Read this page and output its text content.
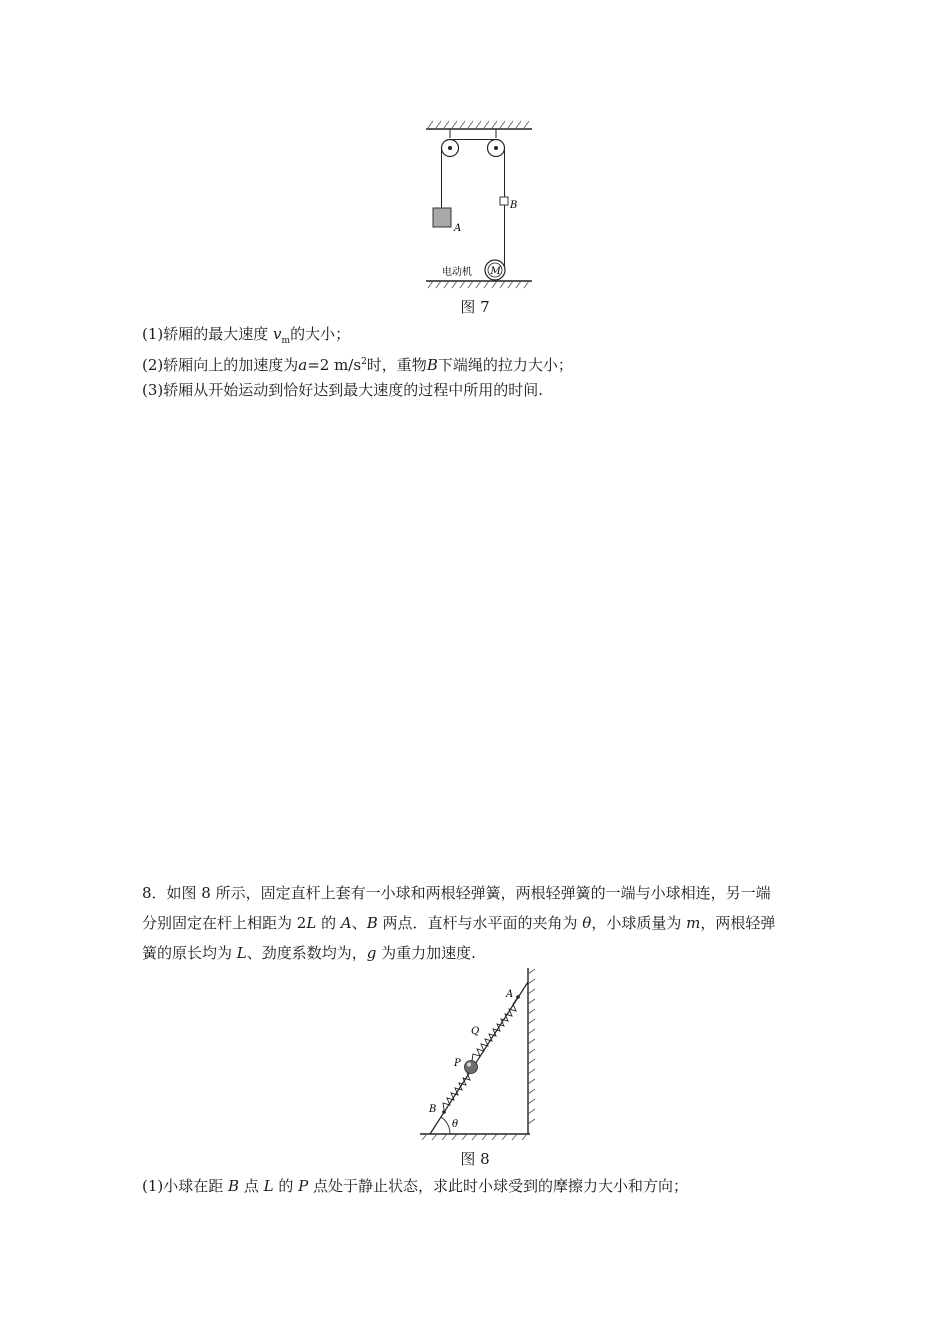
A
B
M
电动机
图 7
(1)轿厢的最大速度 $v_m$的大小；
(2)轿厢向上的加速度为a=2 $m/s^2$时，重物B下端绳的拉力大小；
(3)轿厢从开始运动到恰好达到最大速度的过程中所用的时间.
8．如图 8 所示，固定直杆上套有一小球和两根轻弹簧，两根轻弹簧的一端与小球相连，另一端
分别固定在杆上相距为 2L 的 A、B 两点．直杆与水平面的夹角为 θ，小球质量为 m，两根轻弹
簧的原长均为 L、劲度系数均为，g 为重力加速度.
θ
B
A
P
Q
图 8
(1)小球在距 B 点 L 的 P 点处于静止状态，求此时小球受到的摩擦力大小和方向；
